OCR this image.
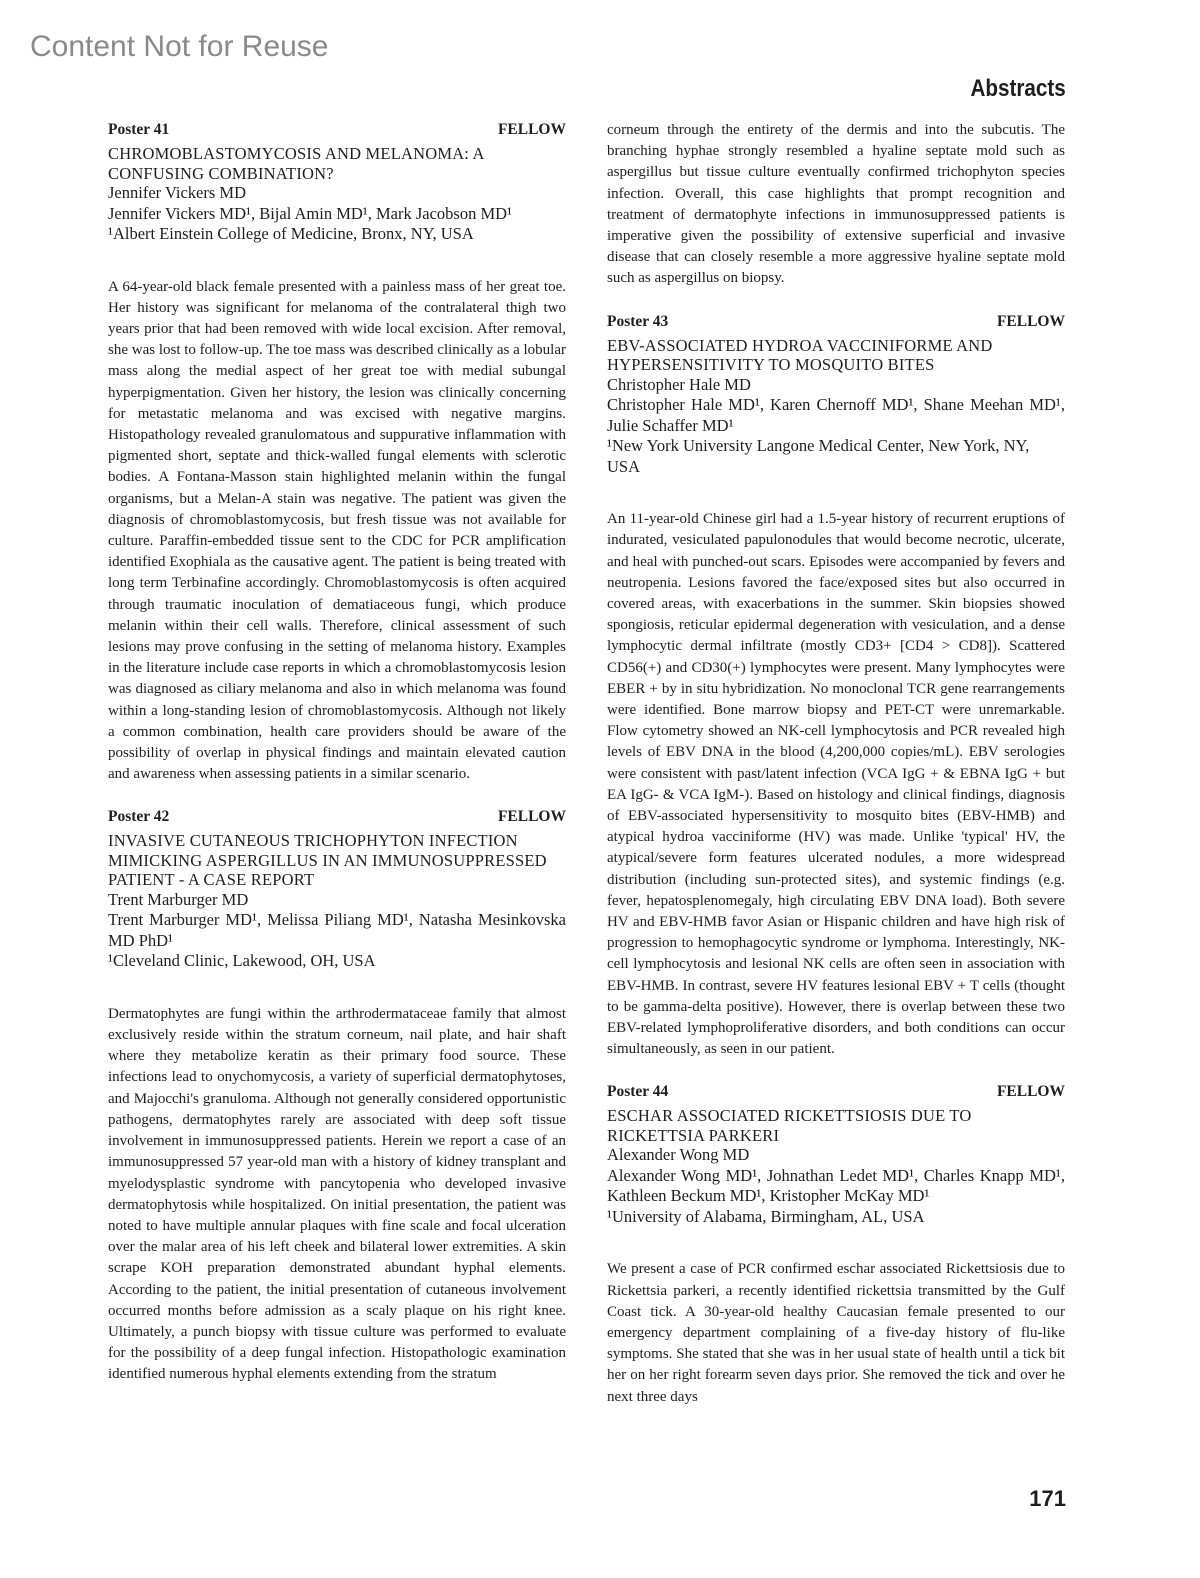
Content Not for Reuse
Abstracts
Poster 41	FELLOW
CHROMOBLASTOMYCOSIS AND MELANOMA: A CONFUSING COMBINATION?
Jennifer Vickers MD
Jennifer Vickers MD¹, Bijal Amin MD¹, Mark Jacobson MD¹
¹Albert Einstein College of Medicine, Bronx, NY, USA

A 64-year-old black female presented with a painless mass of her great toe. Her history was significant for melanoma of the contralateral thigh two years prior that had been removed with wide local excision. After removal, she was lost to follow-up. The toe mass was described clinically as a lobular mass along the medial aspect of her great toe with medial subungal hyperpigmentation. Given her history, the lesion was clinically concerning for metastatic melanoma and was excised with negative margins. Histopathology revealed granulomatous and suppurative inflammation with pigmented short, septate and thick-walled fungal elements with sclerotic bodies. A Fontana-Masson stain highlighted melanin within the fungal organisms, but a Melan-A stain was negative. The patient was given the diagnosis of chromoblastomycosis, but fresh tissue was not available for culture. Paraffin-embedded tissue sent to the CDC for PCR amplification identified Exophiala as the causative agent. The patient is being treated with long term Terbinafine accordingly. Chromoblastomycosis is often acquired through traumatic inoculation of dematiaceous fungi, which produce melanin within their cell walls. Therefore, clinical assessment of such lesions may prove confusing in the setting of melanoma history. Examples in the literature include case reports in which a chromoblastomycosis lesion was diagnosed as ciliary melanoma and also in which melanoma was found within a long-standing lesion of chromoblastomycosis. Although not likely a common combination, health care providers should be aware of the possibility of overlap in physical findings and maintain elevated caution and awareness when assessing patients in a similar scenario.

Poster 42	FELLOW
INVASIVE CUTANEOUS TRICHOPHYTON INFECTION MIMICKING ASPERGILLUS IN AN IMMUNOSUPPRESSED PATIENT - A CASE REPORT
Trent Marburger MD
Trent Marburger MD¹, Melissa Piliang MD¹, Natasha Mesinkovska MD PhD¹
¹Cleveland Clinic, Lakewood, OH, USA

Dermatophytes are fungi within the arthrodermataceae family that almost exclusively reside within the stratum corneum, nail plate, and hair shaft where they metabolize keratin as their primary food source. These infections lead to onychomycosis, a variety of superficial dermatophytoses, and Majocchi's granuloma. Although not generally considered opportunistic pathogens, dermatophytes rarely are associated with deep soft tissue involvement in immunosuppressed patients. Herein we report a case of an immunosuppressed 57 year-old man with a history of kidney transplant and myelodysplastic syndrome with pancytopenia who developed invasive dermatophytosis while hospitalized. On initial presentation, the patient was noted to have multiple annular plaques with fine scale and focal ulceration over the malar area of his left cheek and bilateral lower extremities. A skin scrape KOH preparation demonstrated abundant hyphal elements. According to the patient, the initial presentation of cutaneous involvement occurred months before admission as a scaly plaque on his right knee. Ultimately, a punch biopsy with tissue culture was performed to evaluate for the possibility of a deep fungal infection. Histopathologic examination identified numerous hyphal elements extending from the stratum

corneum through the entirety of the dermis and into the subcutis. The branching hyphae strongly resembled a hyaline septate mold such as aspergillus but tissue culture eventually confirmed trichophyton species infection. Overall, this case highlights that prompt recognition and treatment of dermatophyte infections in immunosuppressed patients is imperative given the possibility of extensive superficial and invasive disease that can closely resemble a more aggressive hyaline septate mold such as aspergillus on biopsy.

Poster 43	FELLOW
EBV-ASSOCIATED HYDROA VACCINIFORME AND HYPERSENSITIVITY TO MOSQUITO BITES
Christopher Hale MD
Christopher Hale MD¹, Karen Chernoff MD¹, Shane Meehan MD¹, Julie Schaffer MD¹
¹New York University Langone Medical Center, New York, NY, USA

An 11-year-old Chinese girl had a 1.5-year history of recurrent eruptions of indurated, vesiculated papulonodules that would become necrotic, ulcerate, and heal with punched-out scars. Episodes were accompanied by fevers and neutropenia. Lesions favored the face/exposed sites but also occurred in covered areas, with exacerbations in the summer. Skin biopsies showed spongiosis, reticular epidermal degeneration with vesiculation, and a dense lymphocytic dermal infiltrate (mostly CD3+ [CD4 > CD8]). Scattered CD56(+) and CD30(+) lymphocytes were present. Many lymphocytes were EBER + by in situ hybridization. No monoclonal TCR gene rearrangements were identified. Bone marrow biopsy and PET-CT were unremarkable. Flow cytometry showed an NK-cell lymphocytosis and PCR revealed high levels of EBV DNA in the blood (4,200,000 copies/mL). EBV serologies were consistent with past/latent infection (VCA IgG + & EBNA IgG + but EA IgG- & VCA IgM-). Based on histology and clinical findings, diagnosis of EBV-associated hypersensitivity to mosquito bites (EBV-HMB) and atypical hydroa vacciniforme (HV) was made. Unlike 'typical' HV, the atypical/severe form features ulcerated nodules, a more widespread distribution (including sun-protected sites), and systemic findings (e.g. fever, hepatosplenomegaly, high circulating EBV DNA load). Both severe HV and EBV-HMB favor Asian or Hispanic children and have high risk of progression to hemophagocytic syndrome or lymphoma. Interestingly, NK-cell lymphocytosis and lesional NK cells are often seen in association with EBV-HMB. In contrast, severe HV features lesional EBV + T cells (thought to be gamma-delta positive). However, there is overlap between these two EBV-related lymphoproliferative disorders, and both conditions can occur simultaneously, as seen in our patient.

Poster 44	FELLOW
ESCHAR ASSOCIATED RICKETTSIOSIS DUE TO RICKETTSIA PARKERI
Alexander Wong MD
Alexander Wong MD¹, Johnathan Ledet MD¹, Charles Knapp MD¹, Kathleen Beckum MD¹, Kristopher McKay MD¹
¹University of Alabama, Birmingham, AL, USA

We present a case of PCR confirmed eschar associated Rickettsiosis due to Rickettsia parkeri, a recently identified rickettsia transmitted by the Gulf Coast tick. A 30-year-old healthy Caucasian female presented to our emergency department complaining of a five-day history of flu-like symptoms. She stated that she was in her usual state of health until a tick bit her on her right forearm seven days prior. She removed the tick and over he next three days

171
